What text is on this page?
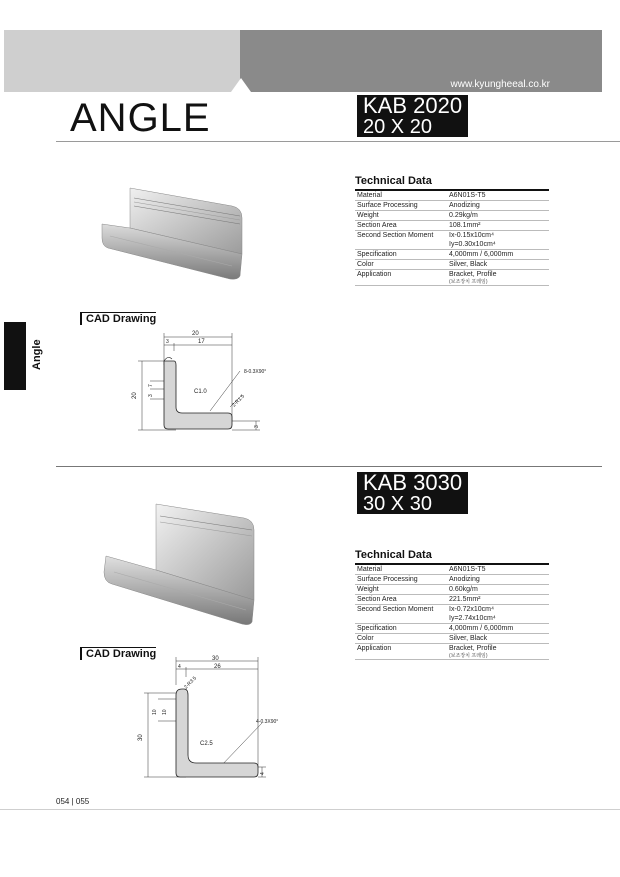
www.kyungheeal.co.kr
ANGLE	KAB 2020
20 X 20
Angle
Technical Data
Material	A6N01S-T5
Surface Processing	Anodizing
Weight	0.29kg/m
Section Area	108.1mm²
Second Section Moment	Ix-0.15x10cm⁴
Iy=0.30x10cm⁴
Specification	4,000mm / 6,000mm
Color	Silver, Black
Application	Bracket, Profile
(보조장치 프레임)
CAD Drawing
20
17
3
20
7
3
C1.0
2-R1.5
8-0.3X90°
3
KAB 3030
30 X 30
Technical Data
Material	A6N01S-T5
Surface Processing	Anodizing
Weight	0.60kg/m
Section Area	221.5mm²
Second Section Moment	Ix-0.72x10cm⁴
Iy=2.74x10cm⁴
Specification	4,000mm / 6,000mm
Color	Silver, Black
Application	Bracket, Profile
(보조장치 프레임)
CAD Drawing	30
26
4
30
10 10
C2.5
2-R3.5
4-0.3X90°
4
054 | 055
